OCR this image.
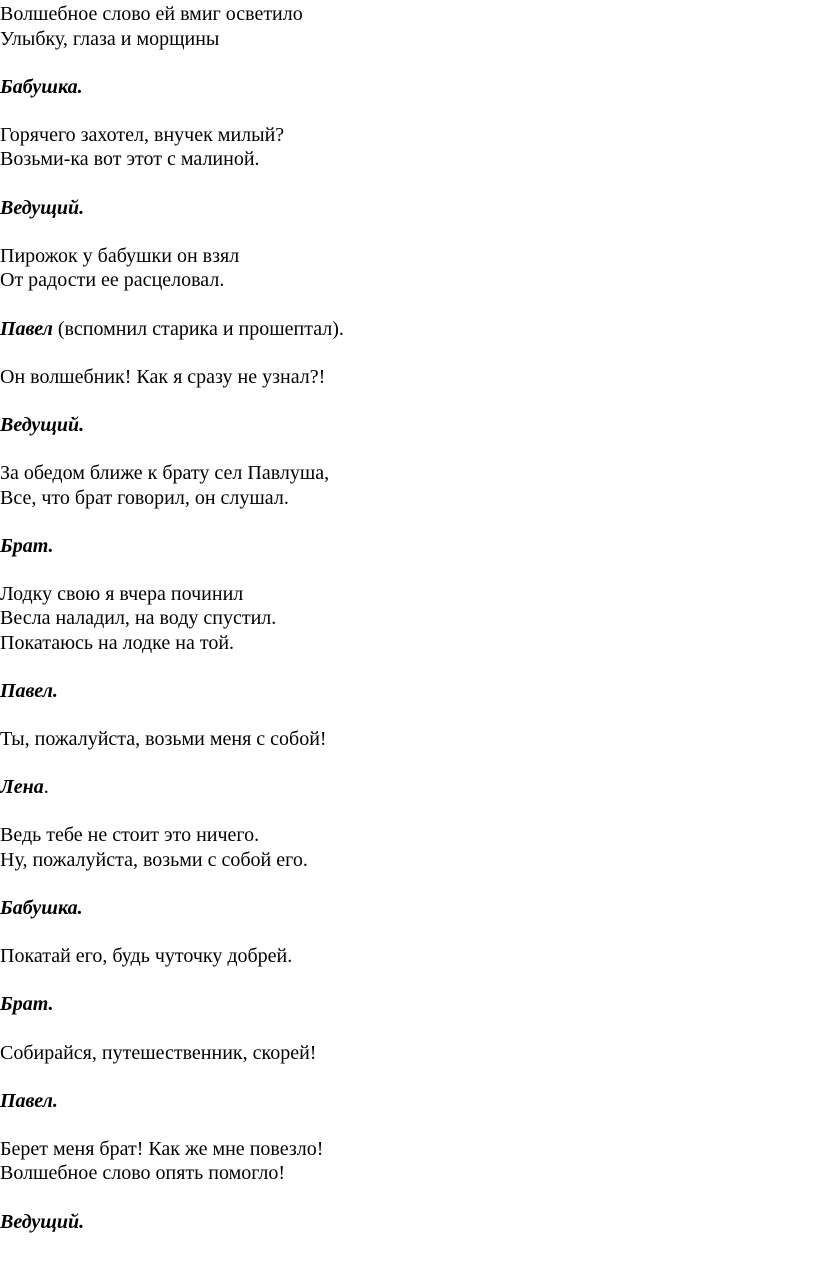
Волшебное слово ей вмиг осветило

Улыбку, глаза и морщины

Бабушка.

Горячего захотел, внучек милый?

Возьми-ка вот этот с малиной.

Ведущий.

Пирожок у бабушки он взял

От радости ее расцеловал.

Павел (вспомнил старика и прошептал).

Он волшебник! Как я сразу не узнал?!

Ведущий.

За обедом ближе к брату сел Павлуша,

Все, что брат говорил, он слушал.

Брат.

Лодку свою я вчера починил

Весла наладил, на воду спустил.

Покатаюсь на лодке на той.

Павел.

Ты, пожалуйста, возьми меня с собой!

Лена.

Ведь тебе не стоит это ничего.

Ну, пожалуйста, возьми с собой его.

Бабушка.

Покатай его, будь чуточку добрей.

Брат.

Собирайся, путешественник, скорей!

Павел.

Берет меня брат! Как же мне повезло!

Волшебное слово опять помогло!

Ведущий.
